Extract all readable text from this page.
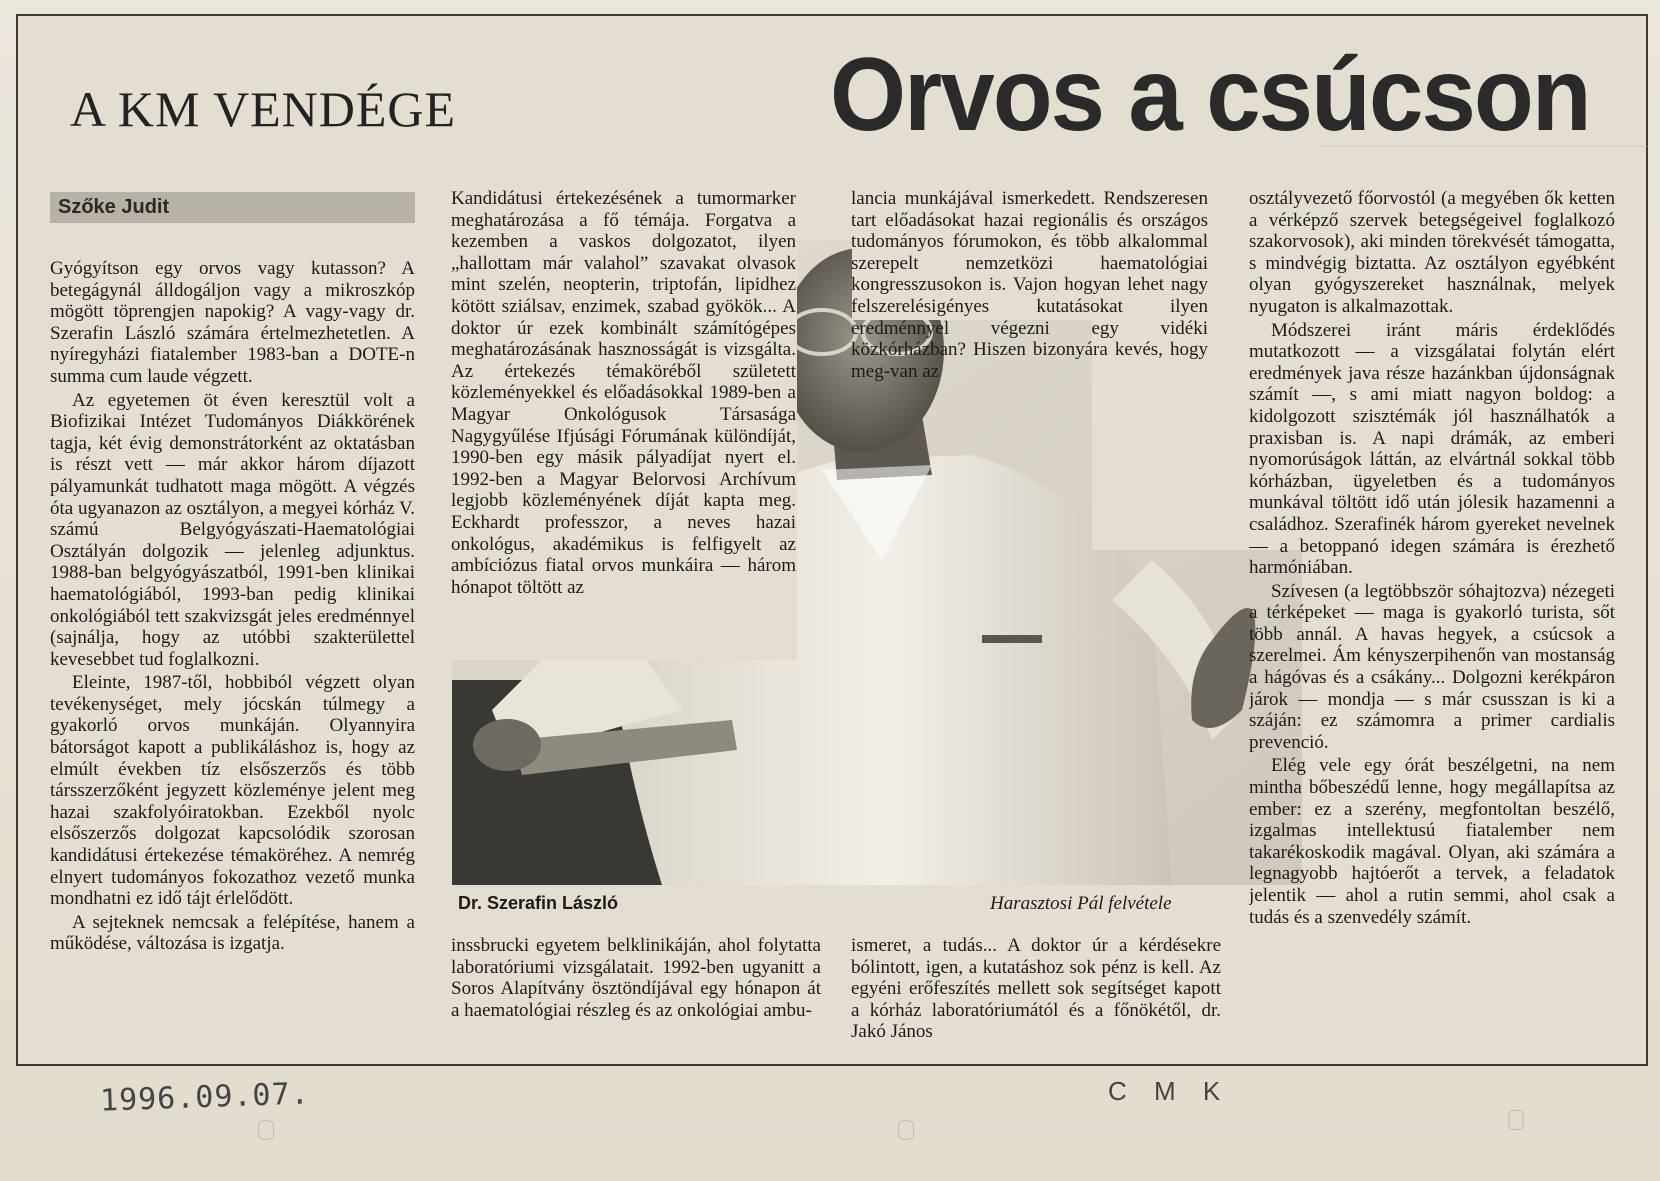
A KM VENDÉGE	Orvos a csúcson
Szőke Judit

Gyógyítson egy orvos vagy kutasson? A betegágynál álldogáljon vagy a mikroszkóp mögött töprengjen napokig? A vagy-vagy dr. Szerafin László számára értelmezhetetlen. A nyíregyházi fiatalember 1983-ban a DOTE-n summa cum laude végzett.

Az egyetemen öt éven keresztül volt a Biofizikai Intézet Tudományos Diákkörének tagja, két évig demonstrátorként az oktatásban is részt vett — már akkor három díjazott pályamunkát tudhatott maga mögött. A végzés óta ugyanazon az osztályon, a megyei kórház V. számú Belgyógyászati-Haematológiai Osztályán dolgozik — jelenleg adjunktus. 1988-ban belgyógyászatból, 1991-ben klinikai haematológiából, 1993-ban pedig klinikai onkológiából tett szakvizsgát jeles eredménnyel (sajnálja, hogy az utóbbi szakterülettel kevesebbet tud foglalkozni.

Eleinte, 1987-től, hobbiból végzett olyan tevékenységet, mely jócskán túlmegy a gyakorló orvos munkáján. Olyannyira bátorságot kapott a publikáláshoz is, hogy az elmúlt években tíz elsőszerzős és több társszerzőként jegyzett közleménye jelent meg hazai szakfolyóiratokban. Ezekből nyolc elsőszerzős dolgozat kapcsolódik szorosan kandidátusi értekezése témaköréhez. A nemrég elnyert tudományos fokozathoz vezető munka mondhatni ez idő tájt érlelődött.

A sejteknek nemcsak a felépítése, hanem a működése, változása is izgatja.

Kandidátusi értekezésének a tumormarker meghatározása a fő témája. Forgatva a kezemben a vaskos dolgozatot, ilyen „hallottam már valahol” szavakat olvasok mint szelén, neopterin, triptofán, lipidhez kötött sziálsav, enzimek, szabad gyökök... A doktor úr ezek kombinált számítógépes meghatározásának hasznosságát is vizsgálta. Az értekezés témaköréből született közleményekkel és előadásokkal 1989-ben a Magyar Onkológusok Társasága Nagygyűlése Ifjúsági Fórumának különdíját, 1990-ben egy másik pályadíjat nyert el. 1992-ben a Magyar Belorvosi Archívum legjobb közleményének díját kapta meg. Eckhardt professzor, a neves hazai onkológus, akadémikus is felfigyelt az ambíciózus fiatal orvos munkáira — három hónapot töltött az

lancia munkájával ismerkedett. Rendszeresen tart előadásokat hazai regionális és országos tudományos fórumokon, és több alkalommal szerepelt nemzetközi haematológiai kongresszusokon is. Vajon hogyan lehet nagy felszerelésigényes kutatásokat ilyen eredménnyel végezni egy vidéki közkórházban? Hiszen bizonyára kevés, hogy meg-van az

osztályvezető főorvostól (a megyében ők ketten a vérképző szervek betegségeivel foglalkozó szakorvosok), aki minden törekvését támogatta, s mindvégig biztatta. Az osztályon egyébként olyan gyógyszereket használnak, melyek nyugaton is alkalmazottak.

Módszerei iránt máris érdeklődés mutatkozott — a vizsgálatai folytán elért eredmények java része hazánkban újdonságnak számít —, s ami miatt nagyon boldog: a kidolgozott szisztémák jól használhatók a praxisban is. A napi drámák, az emberi nyomorúságok láttán, az elvártnál sokkal több kórházban, ügyeletben és a tudományos munkával töltött idő után jólesik hazamenni a családhoz. Szerafinék három gyereket nevelnek — a betoppanó idegen számára is érezhető harmóniában.

Szívesen (a legtöbbször sóhajtozva) nézegeti a térképeket — maga is gyakorló turista, sőt több annál. A havas hegyek, a csúcsok a szerelmei. Ám kényszerpihenőn van mostanság a hágóvas és a csákány... Dolgozni kerékpáron járok — mondja — s már csusszan is ki a száján: ez számomra a primer cardialis prevenció.

Elég vele egy órát beszélgetni, na nem mintha bőbeszédű lenne, hogy megállapítsa az ember: ez a szerény, megfontoltan beszélő, izgalmas intellektusú fiatalember nem takarékoskodik magával. Olyan, aki számára a legnagyobb hajtóerőt a tervek, a feladatok jelentik — ahol a rutin semmi, ahol csak a tudás és a szenvedély számít.

Dr. Szerafin László	Harasztosi Pál felvétele

inssbrucki egyetem belklinikáján, ahol folytatta laboratóriumi vizsgálatait. 1992-ben ugyanitt a Soros Alapítvány ösztöndíjával egy hónapon át a haematológiai részleg és az onkológiai ambu-

ismeret, a tudás... A doktor úr a kérdésekre bólintott, igen, a kutatáshoz sok pénz is kell. Az egyéni erőfeszítés mellett sok segítséget kapott a kórház laboratóriumától és a főnökétől, dr. Jakó János

1996.09.07.	C M K
